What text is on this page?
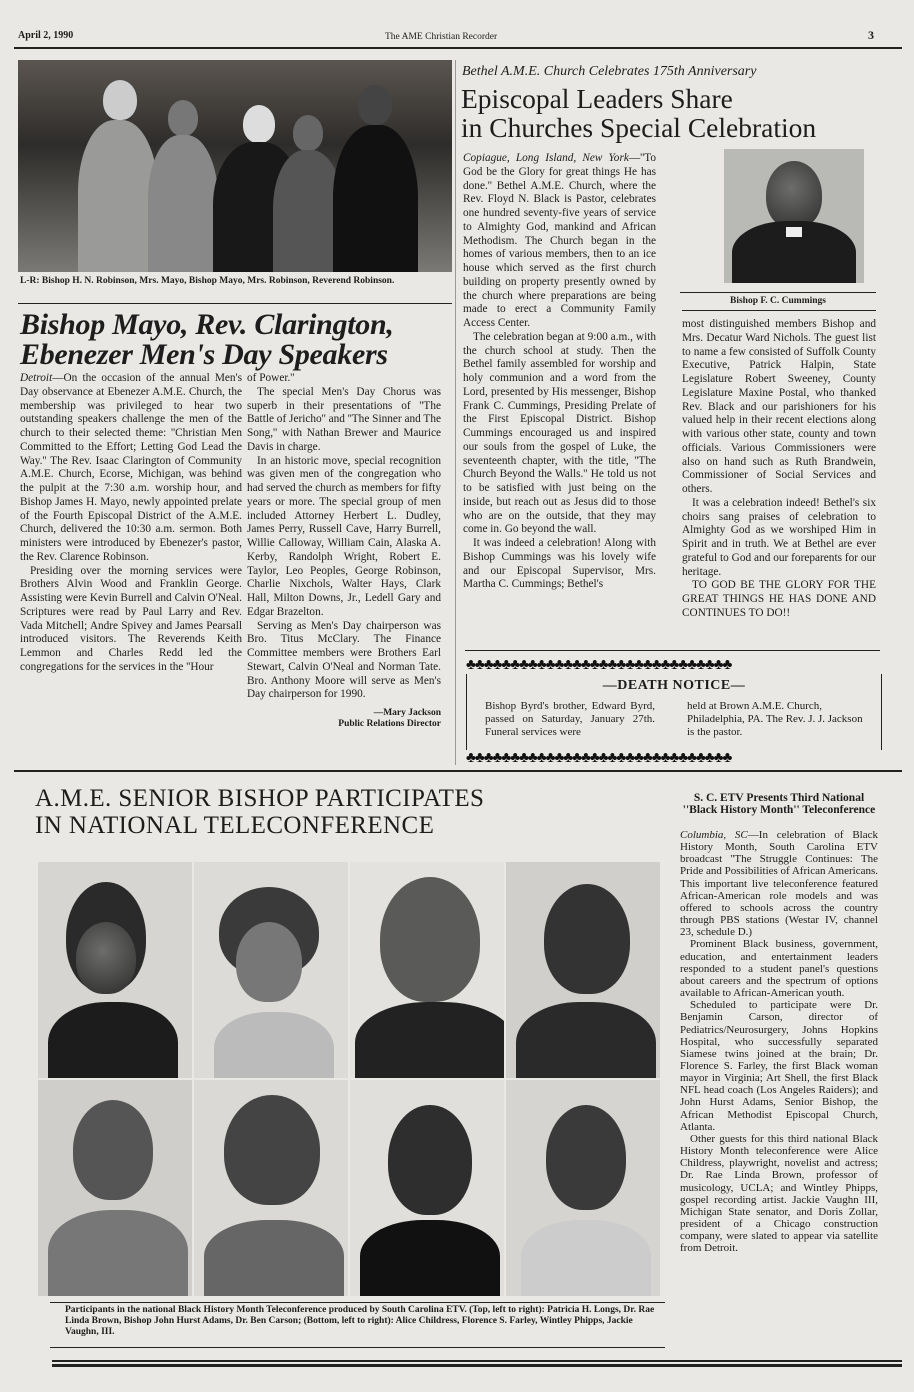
April 2, 1990	The AME Christian Recorder	3
L-R: Bishop H. N. Robinson, Mrs. Mayo, Bishop Mayo, Mrs. Robinson, Reverend Robinson.
Bishop Mayo, Rev. Clarington,
Ebenezer Men's Day Speakers

Detroit—On the occasion of the annual Men's Day observance at Ebenezer A.M.E. Church, the membership was privileged to hear two outstanding speakers challenge the men of the church to their selected theme: ''Christian Men Committed to the Effort; Letting God Lead the Way.'' The Rev. Isaac Clarington of Community A.M.E. Church, Ecorse, Michigan, was behind the pulpit at the 7:30 a.m. worship hour, and Bishop James H. Mayo, newly appointed prelate of the Fourth Episcopal District of the A.M.E. Church, delivered the 10:30 a.m. sermon. Both ministers were introduced by Ebenezer's pastor, the Rev. Clarence Robinson.

Presiding over the morning services were Brothers Alvin Wood and Franklin George. Assisting were Kevin Burrell and Calvin O'Neal. Scriptures were read by Paul Larry and Rev. Vada Mitchell; Andre Spivey and James Pearsall introduced visitors. The Reverends Keith Lemmon and Charles Redd led the congregations for the services in the ''Hour

of Power.''

The special Men's Day Chorus was superb in their presentations of ''The Battle of Jericho'' and ''The Sinner and The Song,'' with Nathan Brewer and Maurice Davis in charge.

In an historic move, special recognition was given men of the congregation who had served the church as members for fifty years or more. The special group of men included Attorney Herbert L. Dudley, James Perry, Russell Cave, Harry Burrell, Willie Calloway, William Cain, Alaska A. Kerby, Randolph Wright, Robert E. Taylor, Leo Peoples, George Robinson, Charlie Nixchols, Walter Hays, Clark Hall, Milton Downs, Jr., Ledell Gary and Edgar Brazelton.

Serving as Men's Day chairperson was Bro. Titus McClary. The Finance Committee members were Brothers Earl Stewart, Calvin O'Neal and Norman Tate. Bro. Anthony Moore will serve as Men's Day chairperson for 1990.

—Mary Jackson
Public Relations Director
Bethel A.M.E. Church Celebrates 175th Anniversary
Episcopal Leaders Share
in Churches Special Celebration

Copiague, Long Island, New York—''To God be the Glory for great things He has done.'' Bethel A.M.E. Church, where the Rev. Floyd N. Black is Pastor, celebrates one hundred seventy-five years of service to Almighty God, mankind and African Methodism. The Church began in the homes of various members, then to an ice house which served as the first church building on property presently owned by the church where preparations are being made to erect a Community Family Access Center.

The celebration began at 9:00 a.m., with the church school at study. Then the Bethel family assembled for worship and holy communion and a word from the Lord, presented by His messenger, Bishop Frank C. Cummings, Presiding Prelate of the First Episcopal District. Bishop Cummings encouraged us and inspired our souls from the gospel of Luke, the seventeenth chapter, with the title, ''The Church Beyond the Walls.'' He told us not to be satisfied with just being on the inside, but reach out as Jesus did to those who are on the outside, that they may come in. Go beyond the wall.

It was indeed a celebration! Along with Bishop Cummings was his lovely wife and our Episcopal Supervisor, Mrs. Martha C. Cummings; Bethel's

Bishop F. C. Cummings

most distinguished members Bishop and Mrs. Decatur Ward Nichols. The guest list to name a few consisted of Suffolk County Executive, Patrick Halpin, State Legislature Robert Sweeney, County Legislature Maxine Postal, who thanked Rev. Black and our parishioners for his valued help in their recent elections along with various other state, county and town officials. Various Commissioners were also on hand such as Ruth Brandwein, Commissioner of Social Services and others.

It was a celebration indeed! Bethel's six choirs sang praises of celebration to Almighty God as we worshiped Him in Spirit and in truth. We at Bethel are ever grateful to God and our foreparents for our heritage.

TO GOD BE THE GLORY FOR THE GREAT THINGS HE HAS DONE AND CONTINUES TO DO!!

♣♣♣♣♣♣♣♣♣♣♣♣♣♣♣♣♣♣♣♣♣♣♣♣♣♣♣♣♣♣
—DEATH NOTICE—
Bishop Byrd's brother, Edward Byrd, passed on Saturday, January 27th. Funeral services were
held at Brown A.M.E. Church, Philadelphia, PA. The Rev. J. J. Jackson is the pastor.
♣♣♣♣♣♣♣♣♣♣♣♣♣♣♣♣♣♣♣♣♣♣♣♣♣♣♣♣♣♣
A.M.E. SENIOR BISHOP PARTICIPATES
IN NATIONAL TELECONFERENCE
Participants in the national Black History Month Teleconference produced by South Carolina ETV. (Top, left to right): Patricia H. Longs, Dr. Rae Linda Brown, Bishop John Hurst Adams, Dr. Ben Carson; (Bottom, left to right): Alice Childress, Florence S. Farley, Wintley Phipps, Jackie Vaughn, III.
S. C. ETV Presents Third National ''Black History Month'' Teleconference

Columbia, SC—In celebration of Black History Month, South Carolina ETV broadcast ''The Struggle Continues: The Pride and Possibilities of African Americans. This important live teleconference featured African-American role models and was offered to schools across the country through PBS stations (Westar IV, channel 23, schedule D.)

Prominent Black business, government, education, and entertainment leaders responded to a student panel's questions about careers and the spectrum of options available to African-American youth.

Scheduled to participate were Dr. Benjamin Carson, director of Pediatrics/Neurosurgery, Johns Hopkins Hospital, who successfully separated Siamese twins joined at the brain; Dr. Florence S. Farley, the first Black woman mayor in Virginia; Art Shell, the first Black NFL head coach (Los Angeles Raiders); and John Hurst Adams, Senior Bishop, the African Methodist Episcopal Church, Atlanta.

Other guests for this third national Black History Month teleconference were Alice Childress, playwright, novelist and actress; Dr. Rae Linda Brown, professor of musicology, UCLA; and Wintley Phipps, gospel recording artist. Jackie Vaughn III, Michigan State senator, and Doris Zollar, president of a Chicago construction company, were slated to appear via satellite from Detroit.
